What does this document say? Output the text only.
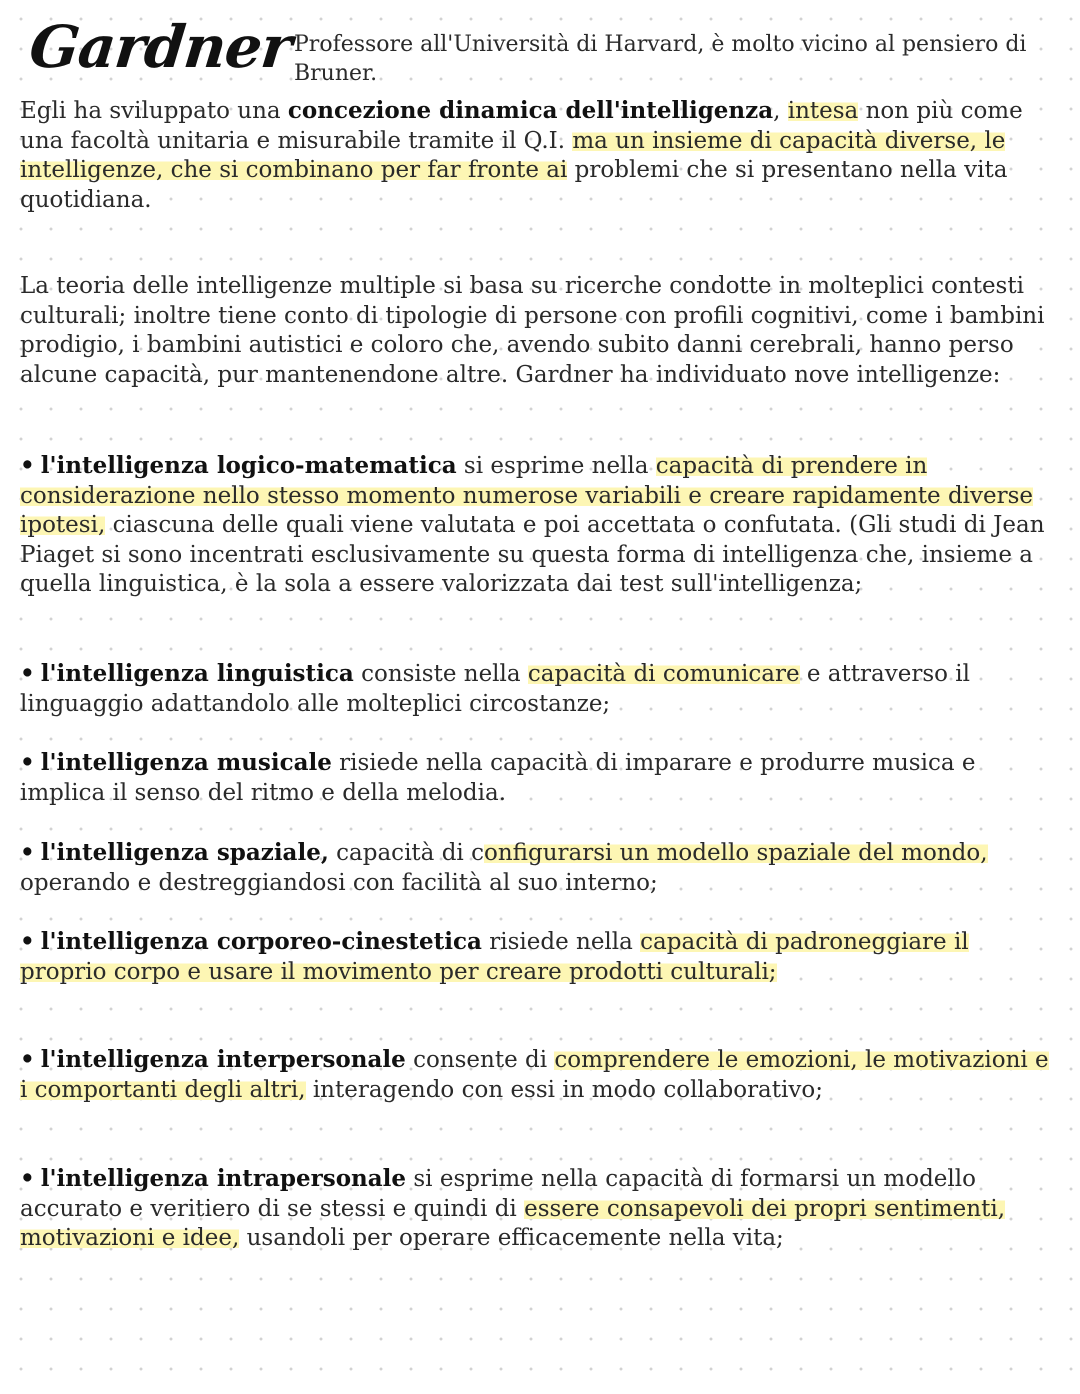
Gardner Professore all'Università di Harvard, è molto vicino al pensiero di Bruner.

Egli ha sviluppato una concezione dinamica dell'intelligenza, intesa non più come una facoltà unitaria e misurabile tramite il Q.I. ma un insieme di capacità diverse, le intelligenze, che si combinano per far fronte ai problemi che si presentano nella vita quotidiana.

La teoria delle intelligenze multiple si basa su ricerche condotte in molteplici contesti culturali; inoltre tiene conto di tipologie di persone con profili cognitivi, come i bambini prodigio, i bambini autistici e coloro che, avendo subito danni cerebrali, hanno perso alcune capacità, pur mantenendone altre. Gardner ha individuato nove intelligenze:

• l'intelligenza logico-matematica si esprime nella capacità di prendere in considerazione nello stesso momento numerose variabili e creare rapidamente diverse ipotesi, ciascuna delle quali viene valutata e poi accettata o confutata. (Gli studi di Jean Piaget si sono incentrati esclusivamente su questa forma di intelligenza che, insieme a quella linguistica, è la sola a essere valorizzata dai test sull'intelligenza;

• l'intelligenza linguistica consiste nella capacità di comunicare e attraverso il linguaggio adattandolo alle molteplici circostanze;

• l'intelligenza musicale risiede nella capacità di imparare e produrre musica e implica il senso del ritmo e della melodia.

• l'intelligenza spaziale, capacità di configurarsi un modello spaziale del mondo, operando e destreggiandosi con facilità al suo interno;

• l'intelligenza corporeo-cinestetica risiede nella capacità di padroneggiare il proprio corpo e usare il movimento per creare prodotti culturali;

• l'intelligenza interpersonale consente di comprendere le emozioni, le motivazioni e i comportanti degli altri, interagendo con essi in modo collaborativo;

• l'intelligenza intrapersonale si esprime nella capacità di formarsi un modello accurato e veritiero di se stessi e quindi di essere consapevoli dei propri sentimenti, motivazioni e idee, usandoli per operare efficacemente nella vita;
